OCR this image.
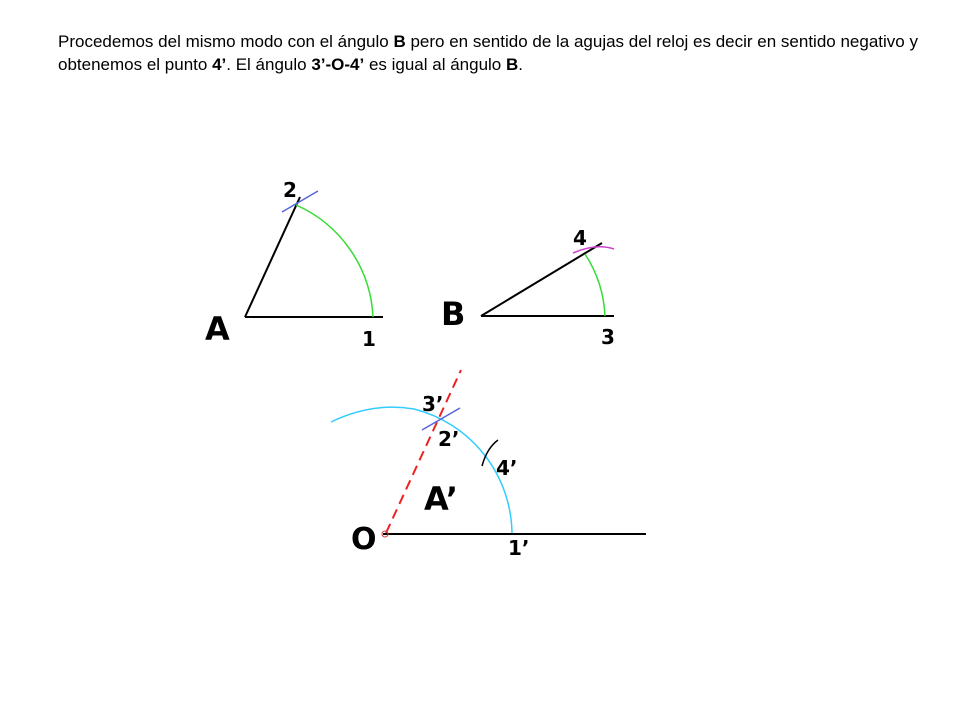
Procedemos del mismo modo con el ángulo B pero en sentido de la agujas del reloj es decir en sentido negativo y obtenemos el punto 4’. El ángulo 3’-O-4’ es igual al ángulo B.
A	1
2
B
3
4
O	1’
2’
3’
4’
A’
